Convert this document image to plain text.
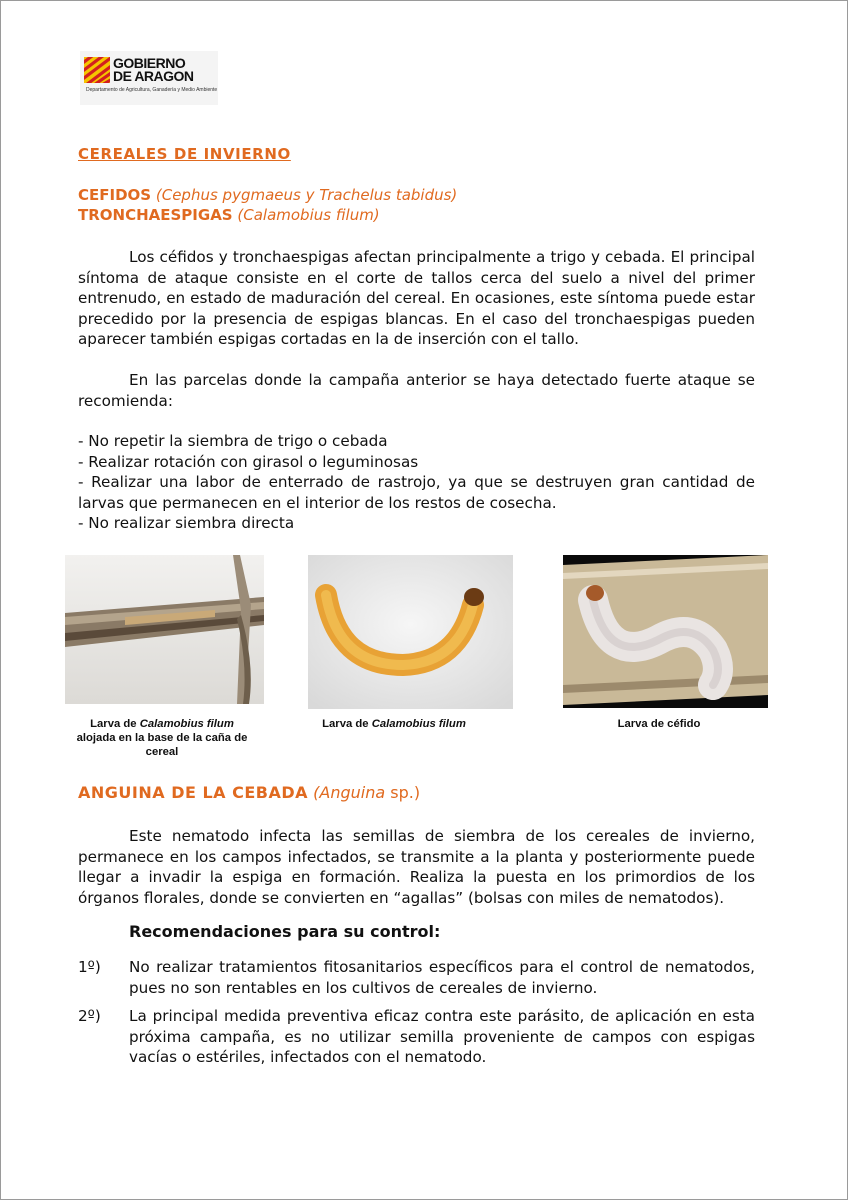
GOBIERNO
DE ARAGON
Departamento de Agricultura, Ganadería y Medio Ambiente
CEREALES DE INVIERNO
CEFIDOS (Cephus pygmaeus y Trachelus tabidus)
TRONCHAESPIGAS (Calamobius filum)

Los céfidos y tronchaespigas afectan principalmente a trigo y cebada. El principal síntoma de ataque consiste en el corte de tallos cerca del suelo a nivel del primer entrenudo, en estado de maduración del cereal. En ocasiones, este síntoma puede estar precedido por la presencia de espigas blancas. En el caso del tronchaespigas pueden aparecer también espigas cortadas en la de inserción con el tallo.

En las parcelas donde la campaña anterior se haya detectado fuerte ataque se recomienda:

- No repetir la siembra de trigo o cebada
- Realizar rotación con girasol o leguminosas
- Realizar una labor de enterrado de rastrojo, ya que se destruyen gran cantidad de larvas que permanecen en el interior de los restos de cosecha.
- No realizar siembra directa
Larva de Calamobius filum
alojada en la base de la caña de cereal
Larva de Calamobius filum	Larva de céfido
ANGUINA DE LA CEBADA (Anguina sp.)

Este nematodo infecta las semillas de siembra de los cereales de invierno, permanece en los campos infectados, se transmite a la planta y posteriormente puede llegar a invadir la espiga en formación. Realiza la puesta en los primordios de los órganos florales, donde se convierten en “agallas” (bolsas con miles de nematodos).

Recomendaciones para su control:
1º) No realizar tratamientos fitosanitarios específicos para el control de nematodos, pues no son rentables en los cultivos de cereales de invierno.
2º) La principal medida preventiva eficaz contra este parásito, de aplicación en esta próxima campaña, es no utilizar semilla proveniente de campos con espigas vacías o estériles, infectados con el nematodo.
